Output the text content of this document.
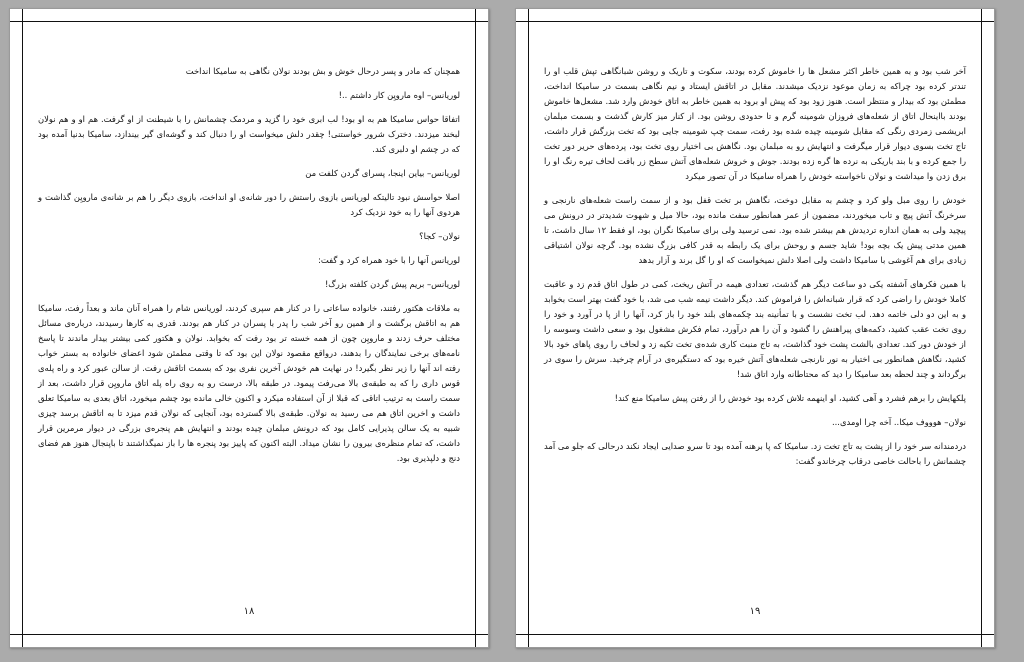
همچنان که مادر و پسر درحال خوش و بش بودند نولان نگاهی به سامیکا انداخت

لوریانس– اوه مارویِن کار داشتم ..!

اتفاقا حواس سامیکا هم به او بود! لب ابری خود را گزید و مردمک چشمانش را با شیطنت از او گرفت. هم او و هم نولان لبخند میزدند. دخترک شرور خواستنی! چقدر دلش میخواست او را دنبال کند و گوشه‌ای گیر بیندازد، سامیکا بدنیا آمده بود که در چشم او دلبری کند.

لوریانس– بیاین اینجا، پسرای گردن کلفت من

اصلا حواسش نبود تالیتکه لوریانس بازوی راستش را دور شانه‌ی او انداخت، بازوی دیگر را هم بر شانه‌ی مارویِن گذاشت و هردوی آنها را به خود نزدیک کرد

نولان– کجا؟

لوریانس آنها را با خود همراه کرد و گفت:

لوریانس– بریم پیش گردن کلفته بزرگ!

به ملاقات هکتور رفتند، خانواده ساعاتی را در کنار هم سپری کردند، لوریانس شام را همراه آنان ماند و بعداً رفت، سامیکا هم به اتاقش برگشت و از همین رو آخر شب را پدر با پسران در کنار هم بودند. قدری به کارها رسیدند، درباره‌ی مسائل مختلف حرف زدند و مارویِن چون از همه خسته تر بود رفت که بخوابد. نولان و هکتور کمی بیشتر بیدار ماندند تا پاسخ نامه‌های برخی نمایندگان را بدهند، درواقع مقصود نولان این بود که تا وقتی مطمئن شود اعضای خانواده به بستر خواب رفته اند آنها را زیر نظر بگیرد! در نهایت هم خودش آخرین نفری بود که بسمت اتاقش رفت. از سالن عبور کرد و راه پله‌ی قوس داری را که به طبقه‌ی بالا می‌رفت پیمود. در طبقه بالا، درست رو به روی راه پله اتاق مارویِن قرار داشت، بعد از سمت راست به ترتیب اتاقی که قبلا از آن استفاده میکرد و اکنون خالی مانده بود چشم میخورد، اتاق بعدی به سامیکا تعلق داشت و اخرین اتاق هم می رسید به نولان. طبقه‌ی بالا گسترده بود، آنجایی که نولان قدم میزد تا به اتاقش برسد چیزی شبیه به یک سالن پذیرایی کامل بود که درونش مبلمان چیده بودند و انتهایش هم پنجره‌ی بزرگی در دیوار مرمرین قرار داشت، که تمام منظره‌ی بیرون را نشان میداد. البته اکنون که پاییز بود پنجره ها را باز نمیگذاشتند تا باپنجال هنوز هم فضای دنج و دلپذیری بود.

۱۸

آخر شب بود و به همین خاطر اکثر مشعل ها را خاموش کرده بودند، سکوت و تاریک و روشن شبانگاهی تپش قلب او را تندتر کرده بود چراکه به زمان موعود نزدیک میشدند. مقابل در اتاقش ایستاد و نیم نگاهی بسمت در سامیکا انداخت، مطمئن بود که بیدار و منتظر است. هنوز زود بود که پیش او برود به همین خاطر به اتاق خودش وارد شد. مشعل‌ها خاموش بودند بااینحال اتاق از شعله‌های فروزان شومینه گرم و تا حدودی روشن بود. از کنار میز کارش گذشت و بسمت مبلمان ابریشمی زمردی رنگی که مقابل شومینه چیده شده بود رفت، سمت چپ شومینه جایی بود که تخت بزرگش قرار داشت، تاج تخت بسوی دیوار قرار میگرفت و انتهایش رو به مبلمان بود. نگاهش بی اختیار روی تخت بود، پرده‌های حریر دور تخت را جمع کرده و با بند باریکی به نرده ها گره زده بودند. جوش و خروش شعله‌های آتش سطح زر بافت لحاف تیره رنگ او را برق زدن وا میداشت و نولان ناخواسته خودش را همراه سامیکا در آن تصور میکرد

خودش را روی مبل ولو کرد و چشم به مقابل دوخت، نگاهش بر تخت قفل بود و از سمت راست شعله‌های نارنجی و سرخرنگ آتش پیچ و تاب میخوردند، مضمون از عمر همانطور سفت مانده بود، حالا میل و شهوت شدیدتر در درونش می پیچید ولی به همان اندازه تردیدش هم بیشتر شده بود. نمی ترسید ولی برای سامیکا نگران بود، او فقط ۱۲ سال داشت، تا همین مدتی پیش یک بچه بود! شاید جسم و روحش برای یک رابطه به قدر کافی بزرگ نشده بود. گرچه نولان اشتیاقی زیادی برای هم آغوشی با سامیکا داشت ولی اصلا دلش نمیخواست که او را گل برند و آزار بدهد

با همین فکرهای آشفته یکی دو ساعت دیگر هم گذشت، تعدادی هیمه در آتش ریخت، کمی در طول اتاق قدم زد و عاقبت کاملا خودش را راضی کرد که قرار شبانه‌اش را فراموش کند. دیگر داشت نیمه شب می شد، با خود گفت بهتر است بخوابد و به این دو دلی خاتمه دهد. لب تخت نشست و با تمأنینه بند چکمه‌های بلند خود را باز کرد، آنها را از پا در آورد و خود را روی تخت عقب کشید، دکمه‌های پیراهنش را گشود و آن را هم درآورد، تمام فکرش مشغول بود و سعی داشت وسوسه را از خودش دور کند. تعدادی بالشت پشت خود گذاشت، به تاج منبت کاری شده‌ی تخت تکیه زد و لحاف را روی پاهای خود بالا کشید، نگاهش همانطور بی اختیار به نور نارنجی شعله‌های آتش خیره بود که دستگیره‌ی در آرام چرخید. سرش را سوی در برگرداند و چند لحظه بعد سامیکا را دید که محتاطانه وارد اتاق شد!

پلکهایش را برهم فشرد و آهی کشید، او اینهمه تلاش کرده بود خودش را از رفتن پیش سامیکا منع کند!

نولان– هوووف میکا.. آخه چرا اومدی...

دردمندانه سر خود را از پشت به تاج تخت زد. سامیکا که پا برهنه آمده بود تا سرو صدایی ایجاد نکند درحالی که جلو می آمد چشمانش را باحالت خاصی درقاب چرخاندو گفت:

۱۹
